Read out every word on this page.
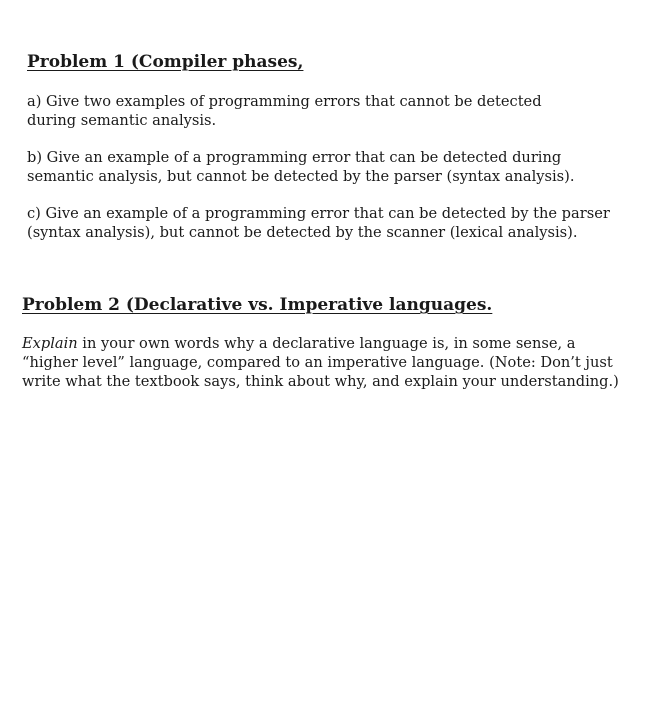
Problem 1 (Compiler phases,

a) Give two examples of programming errors that cannot be detected during semantic analysis.

b) Give an example of a programming error that can be detected during semantic analysis, but cannot be detected by the parser (syntax analysis).

c) Give an example of a programming error that can be detected by the parser (syntax analysis), but cannot be detected by the scanner (lexical analysis).

Problem 2 (Declarative vs. Imperative languages.

Explain in your own words why a declarative language is, in some sense, a “higher level” language, compared to an imperative language. (Note: Don’t just write what the textbook says, think about why, and explain your understanding.)
